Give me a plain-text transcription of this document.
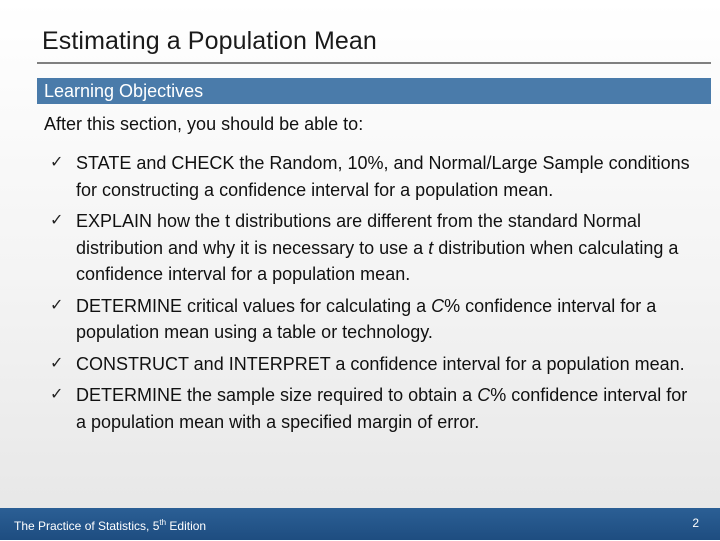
Estimating a Population Mean
Learning Objectives
After this section, you should be able to:
✓ STATE and CHECK the Random, 10%, and Normal/Large Sample conditions for constructing a confidence interval for a population mean.
✓ EXPLAIN how the t distributions are different from the standard Normal distribution and why it is necessary to use a t distribution when calculating a confidence interval for a population mean.
✓ DETERMINE critical values for calculating a C% confidence interval for a population mean using a table or technology.
✓ CONSTRUCT and INTERPRET a confidence interval for a population mean.
✓ DETERMINE the sample size required to obtain a C% confidence interval for a population mean with a specified margin of error.
The Practice of Statistics, 5th Edition	2
